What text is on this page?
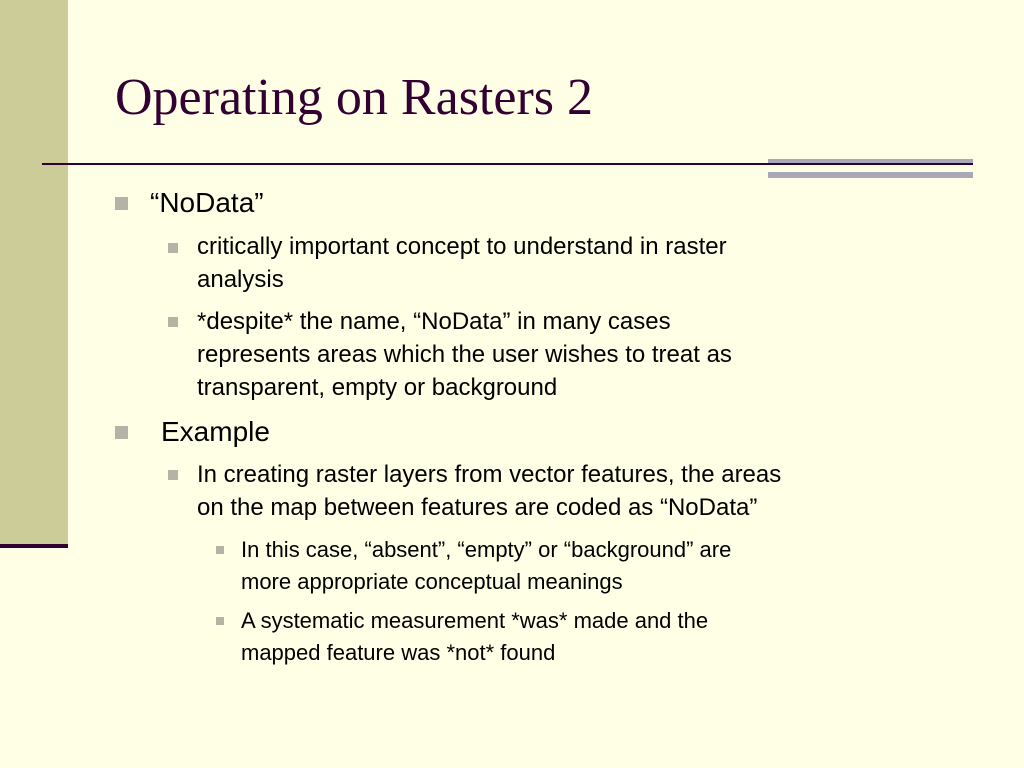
Operating on Rasters 2
“NoData”
critically important concept to understand in raster
analysis
*despite* the name, “NoData” in many cases
represents areas which the user wishes to treat as
transparent, empty or background
Example
In creating raster layers from vector features, the areas
on the map between features are coded as “NoData”
In this case, “absent”, “empty” or “background” are
more appropriate conceptual meanings
A systematic measurement *was* made and the
mapped feature was *not* found
